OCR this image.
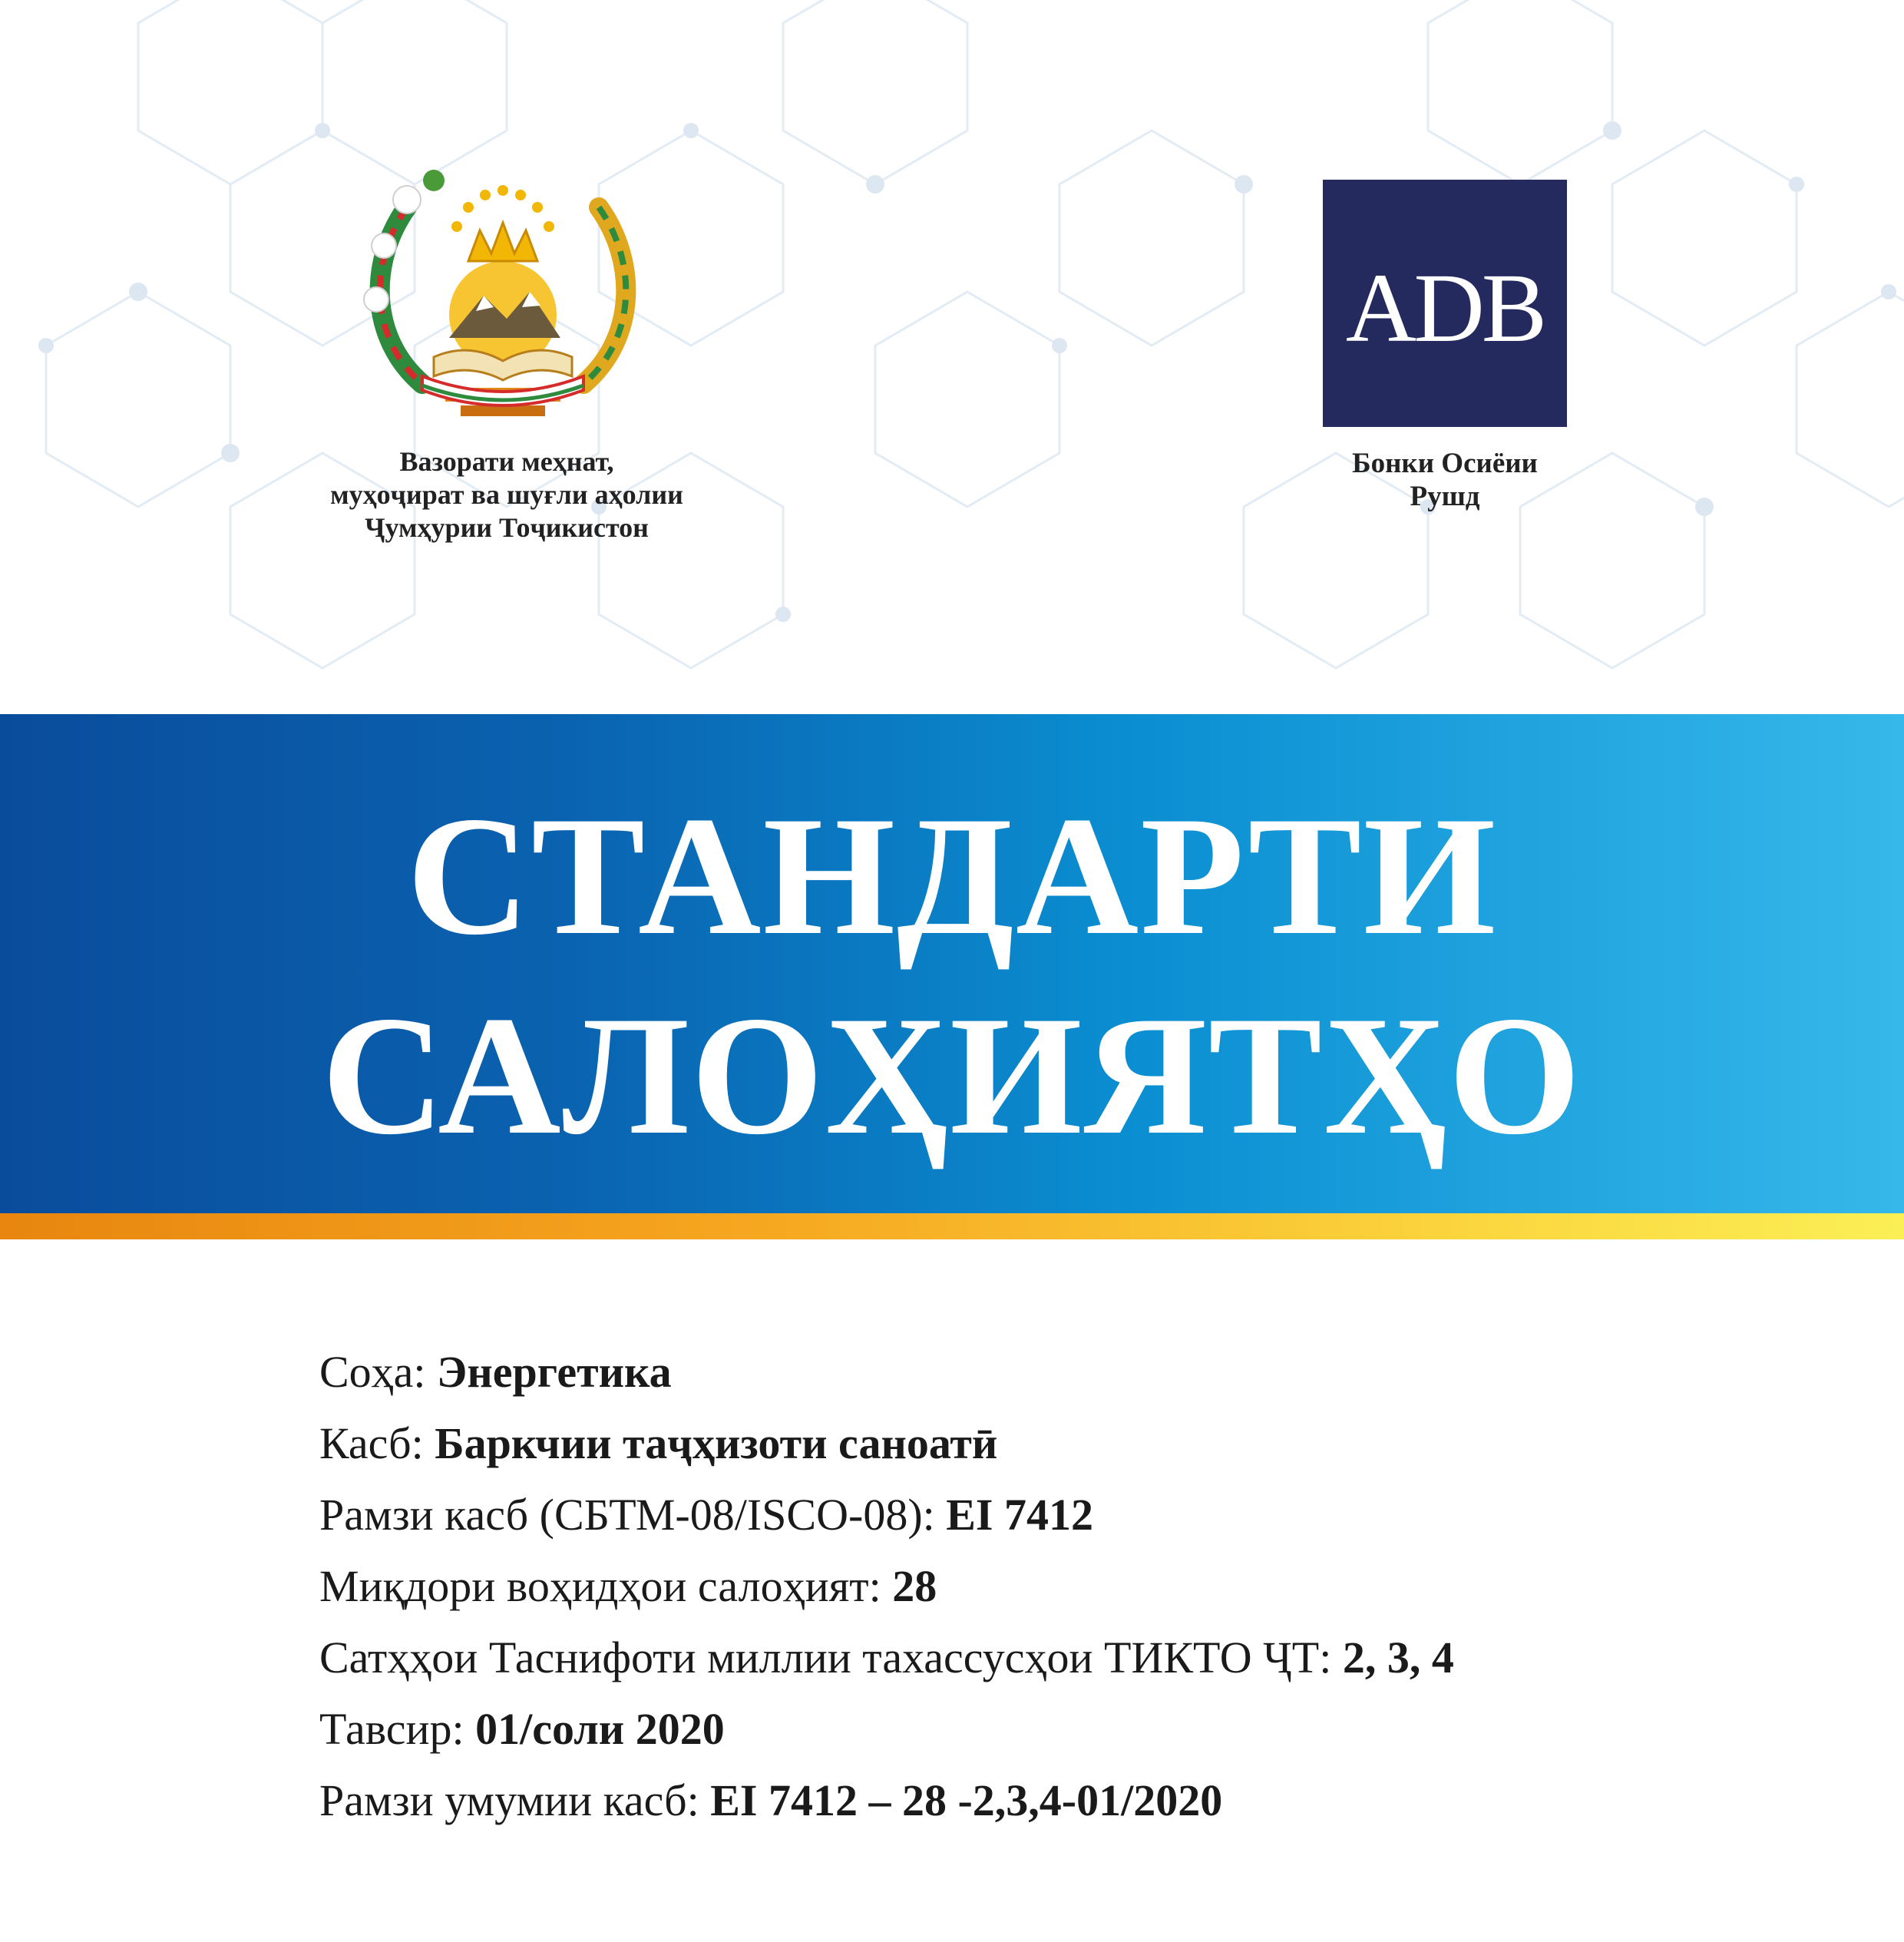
Вазорати меҳнат,
муҳоҷират ва шуғли аҳолии
Ҷумҳурии Тоҷикистон
ADB
Бонки Осиёии
Рушд
СТАНДАРТИ
САЛОҲИЯТҲО
Соҳа: Энергетика
Касб: Баркчии таҷҳизоти саноатӣ
Рамзи касб (СБТМ-08/ISCO-08): EI 7412
Миқдори воҳидҳои салоҳият: 28
Сатҳҳои Таснифоти миллии тахассусҳои ТИКТО ҶТ: 2, 3, 4
Тавсир: 01/соли 2020
Рамзи умумии касб: EI 7412 – 28 -2,3,4-01/2020
